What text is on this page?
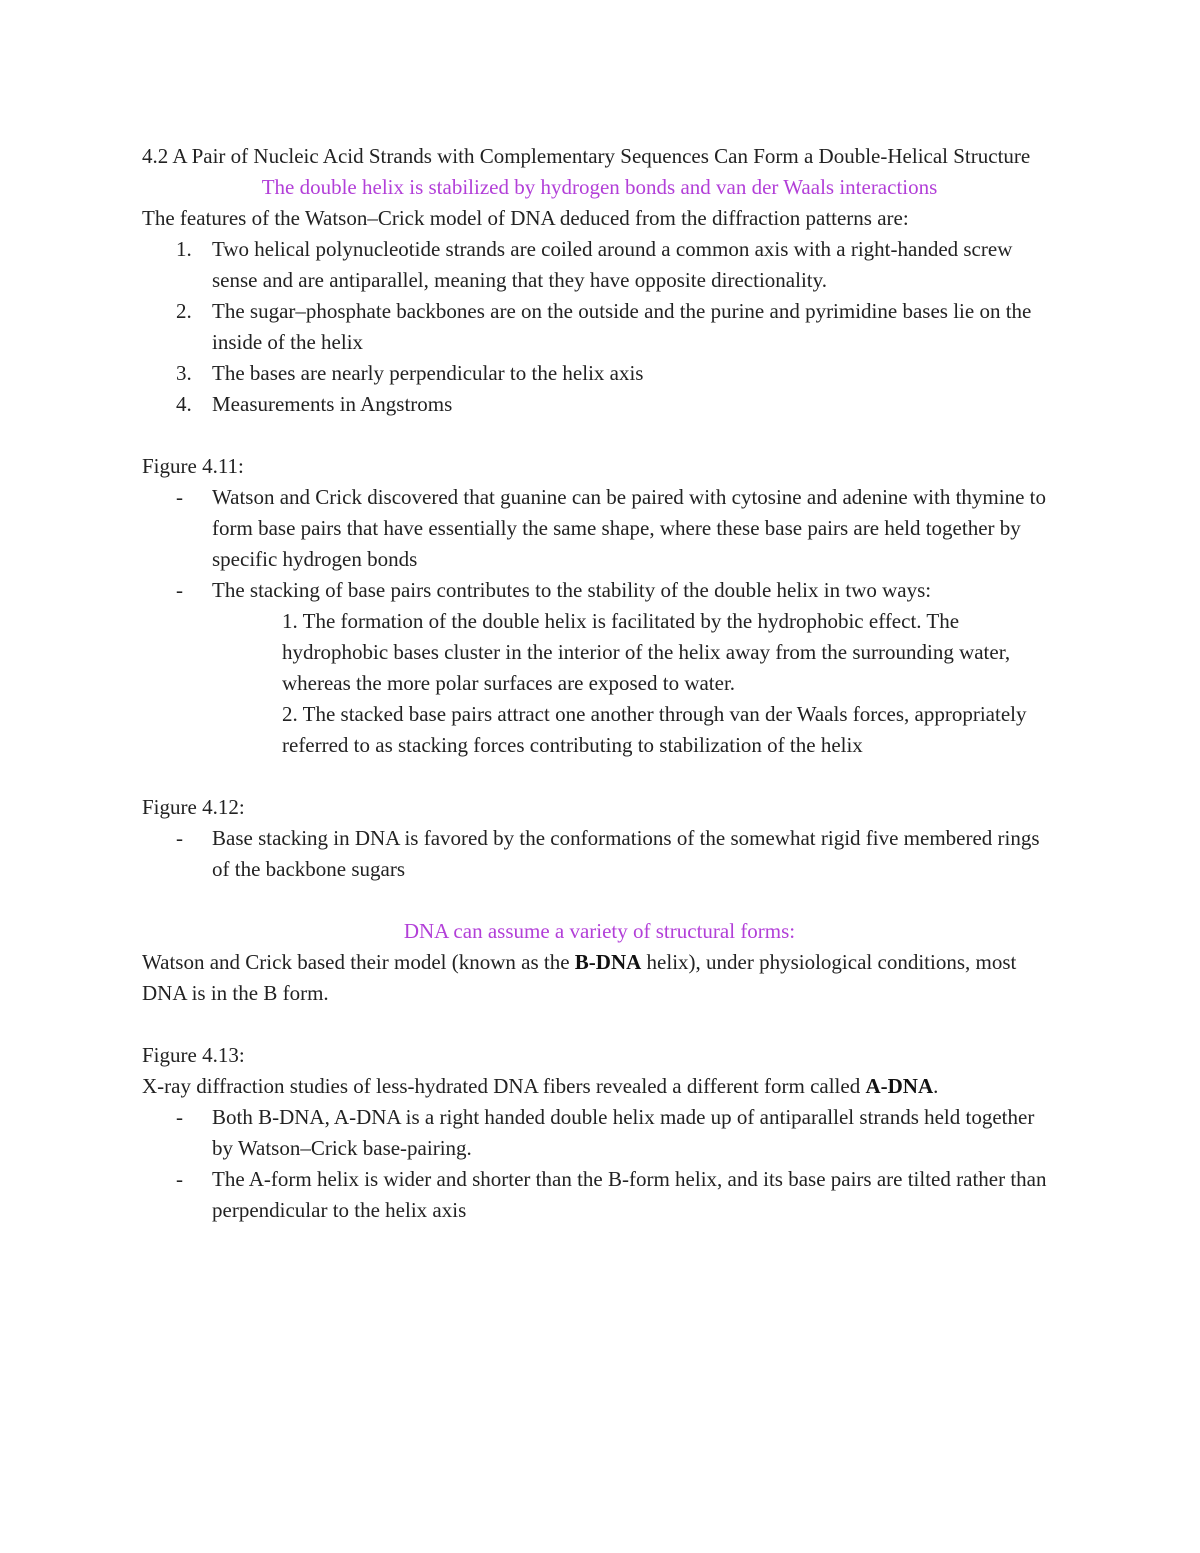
4.2 A Pair of Nucleic Acid Strands with Complementary Sequences Can Form a Double-Helical Structure

The double helix is stabilized by hydrogen bonds and van der Waals interactions

The features of the Watson–Crick model of DNA deduced from the diffraction patterns are:

1. Two helical polynucleotide strands are coiled around a common axis with a right-handed screw sense and are antiparallel, meaning that they have opposite directionality.
2. The sugar–phosphate backbones are on the outside and the purine and pyrimidine bases lie on the inside of the helix
3. The bases are nearly perpendicular to the helix axis
4. Measurements in Angstroms

Figure 4.11:

- Watson and Crick discovered that guanine can be paired with cytosine and adenine with thymine to form base pairs that have essentially the same shape, where these base pairs are held together by specific hydrogen bonds
- The stacking of base pairs contributes to the stability of the double helix in two ways:

1. The formation of the double helix is facilitated by the hydrophobic effect. The hydrophobic bases cluster in the interior of the helix away from the surrounding water, whereas the more polar surfaces are exposed to water.

2. The stacked base pairs attract one another through van der Waals forces, appropriately referred to as stacking forces contributing to stabilization of the helix

Figure 4.12:

- Base stacking in DNA is favored by the conformations of the somewhat rigid five membered rings of the backbone sugars

DNA can assume a variety of structural forms:

Watson and Crick based their model (known as the B-DNA helix), under physiological conditions, most DNA is in the B form.

Figure 4.13:

X-ray diffraction studies of less-hydrated DNA fibers revealed a different form called A-DNA.

- Both B-DNA, A-DNA is a right handed double helix made up of antiparallel strands held together by Watson–Crick base-pairing.
- The A-form helix is wider and shorter than the B-form helix, and its base pairs are tilted rather than perpendicular to the helix axis
